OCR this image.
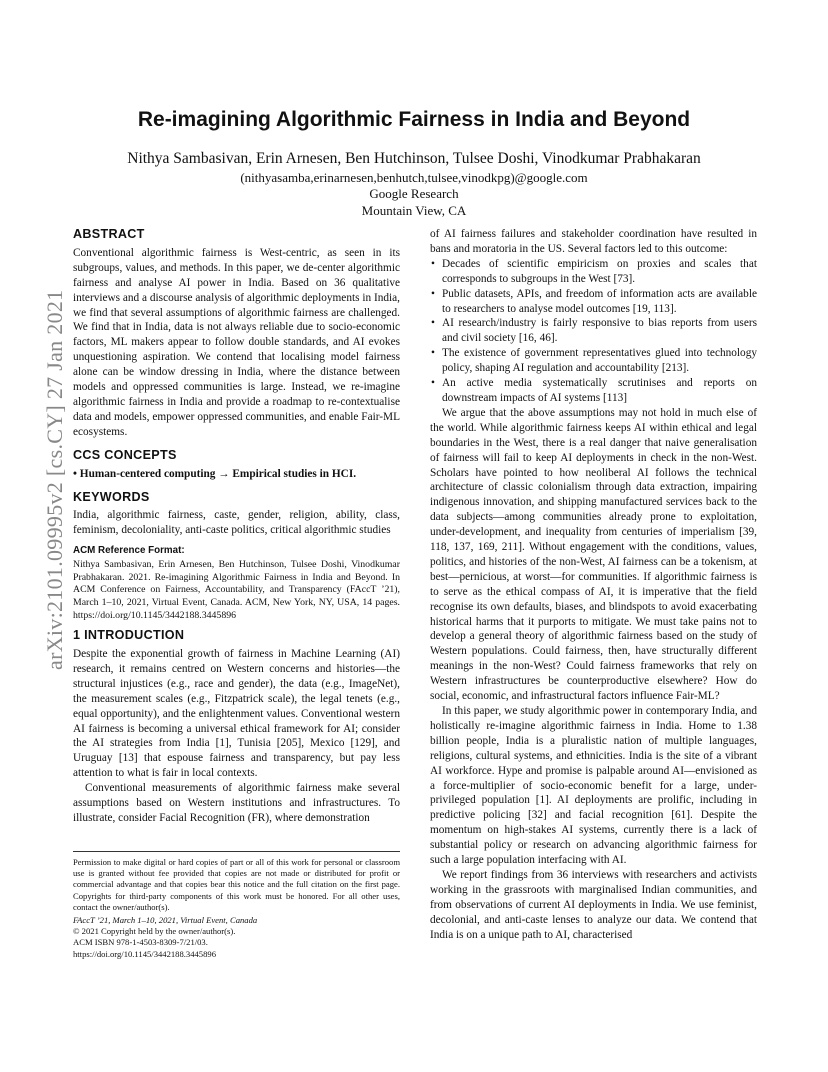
arXiv:2101.09995v2 [cs.CY] 27 Jan 2021
Re-imagining Algorithmic Fairness in India and Beyond
Nithya Sambasivan, Erin Arnesen, Ben Hutchinson, Tulsee Doshi, Vinodkumar Prabhakaran
(nithyasamba,erinarnesen,benhutch,tulsee,vinodkpg)@google.com
Google Research
Mountain View, CA
ABSTRACT

Conventional algorithmic fairness is West-centric, as seen in its subgroups, values, and methods. In this paper, we de-center algorithmic fairness and analyse AI power in India. Based on 36 qualitative interviews and a discourse analysis of algorithmic deployments in India, we find that several assumptions of algorithmic fairness are challenged. We find that in India, data is not always reliable due to socio-economic factors, ML makers appear to follow double standards, and AI evokes unquestioning aspiration. We contend that localising model fairness alone can be window dressing in India, where the distance between models and oppressed communities is large. Instead, we re-imagine algorithmic fairness in India and provide a roadmap to re-contextualise data and models, empower oppressed communities, and enable Fair-ML ecosystems.

CCS CONCEPTS

• Human-centered computing → Empirical studies in HCI.

KEYWORDS

India, algorithmic fairness, caste, gender, religion, ability, class, feminism, decoloniality, anti-caste politics, critical algorithmic studies

ACM Reference Format:

Nithya Sambasivan, Erin Arnesen, Ben Hutchinson, Tulsee Doshi, Vinodkumar Prabhakaran. 2021. Re-imagining Algorithmic Fairness in India and Beyond. In ACM Conference on Fairness, Accountability, and Transparency (FAccT ’21), March 1–10, 2021, Virtual Event, Canada. ACM, New York, NY, USA, 14 pages. https://doi.org/10.1145/3442188.3445896

1 INTRODUCTION

Despite the exponential growth of fairness in Machine Learning (AI) research, it remains centred on Western concerns and histories—the structural injustices (e.g., race and gender), the data (e.g., ImageNet), the measurement scales (e.g., Fitzpatrick scale), the legal tenets (e.g., equal opportunity), and the enlightenment values. Conventional western AI fairness is becoming a universal ethical framework for AI; consider the AI strategies from India [1], Tunisia [205], Mexico [129], and Uruguay [13] that espouse fairness and transparency, but pay less attention to what is fair in local contexts.

Conventional measurements of algorithmic fairness make several assumptions based on Western institutions and infrastructures. To illustrate, consider Facial Recognition (FR), where demonstration

Permission to make digital or hard copies of part or all of this work for personal or classroom use is granted without fee provided that copies are not made or distributed for profit or commercial advantage and that copies bear this notice and the full citation on the first page. Copyrights for third-party components of this work must be honored. For all other uses, contact the owner/author(s).

FAccT ’21, March 1–10, 2021, Virtual Event, Canada

© 2021 Copyright held by the owner/author(s).

ACM ISBN 978-1-4503-8309-7/21/03.

https://doi.org/10.1145/3442188.3445896

of AI fairness failures and stakeholder coordination have resulted in bans and moratoria in the US. Several factors led to this outcome:

• Decades of scientific empiricism on proxies and scales that corresponds to subgroups in the West [73].
• Public datasets, APIs, and freedom of information acts are available to researchers to analyse model outcomes [19, 113].
• AI research/industry is fairly responsive to bias reports from users and civil society [16, 46].
• The existence of government representatives glued into technology policy, shaping AI regulation and accountability [213].
• An active media systematically scrutinises and reports on downstream impacts of AI systems [113]

We argue that the above assumptions may not hold in much else of the world. While algorithmic fairness keeps AI within ethical and legal boundaries in the West, there is a real danger that naive generalisation of fairness will fail to keep AI deployments in check in the non-West. Scholars have pointed to how neoliberal AI follows the technical architecture of classic colonialism through data extraction, impairing indigenous innovation, and shipping manufactured services back to the data subjects—among communities already prone to exploitation, under-development, and inequality from centuries of imperialism [39, 118, 137, 169, 211]. Without engagement with the conditions, values, politics, and histories of the non-West, AI fairness can be a tokenism, at best—pernicious, at worst—for communities. If algorithmic fairness is to serve as the ethical compass of AI, it is imperative that the field recognise its own defaults, biases, and blindspots to avoid exacerbating historical harms that it purports to mitigate. We must take pains not to develop a general theory of algorithmic fairness based on the study of Western populations. Could fairness, then, have structurally different meanings in the non-West? Could fairness frameworks that rely on Western infrastructures be counterproductive elsewhere? How do social, economic, and infrastructural factors influence Fair-ML?

In this paper, we study algorithmic power in contemporary India, and holistically re-imagine algorithmic fairness in India. Home to 1.38 billion people, India is a pluralistic nation of multiple languages, religions, cultural systems, and ethnicities. India is the site of a vibrant AI workforce. Hype and promise is palpable around AI—envisioned as a force-multiplier of socio-economic benefit for a large, under-privileged population [1]. AI deployments are prolific, including in predictive policing [32] and facial recognition [61]. Despite the momentum on high-stakes AI systems, currently there is a lack of substantial policy or research on advancing algorithmic fairness for such a large population interfacing with AI.

We report findings from 36 interviews with researchers and activists working in the grassroots with marginalised Indian communities, and from observations of current AI deployments in India. We use feminist, decolonial, and anti-caste lenses to analyze our data. We contend that India is on a unique path to AI, characterised
